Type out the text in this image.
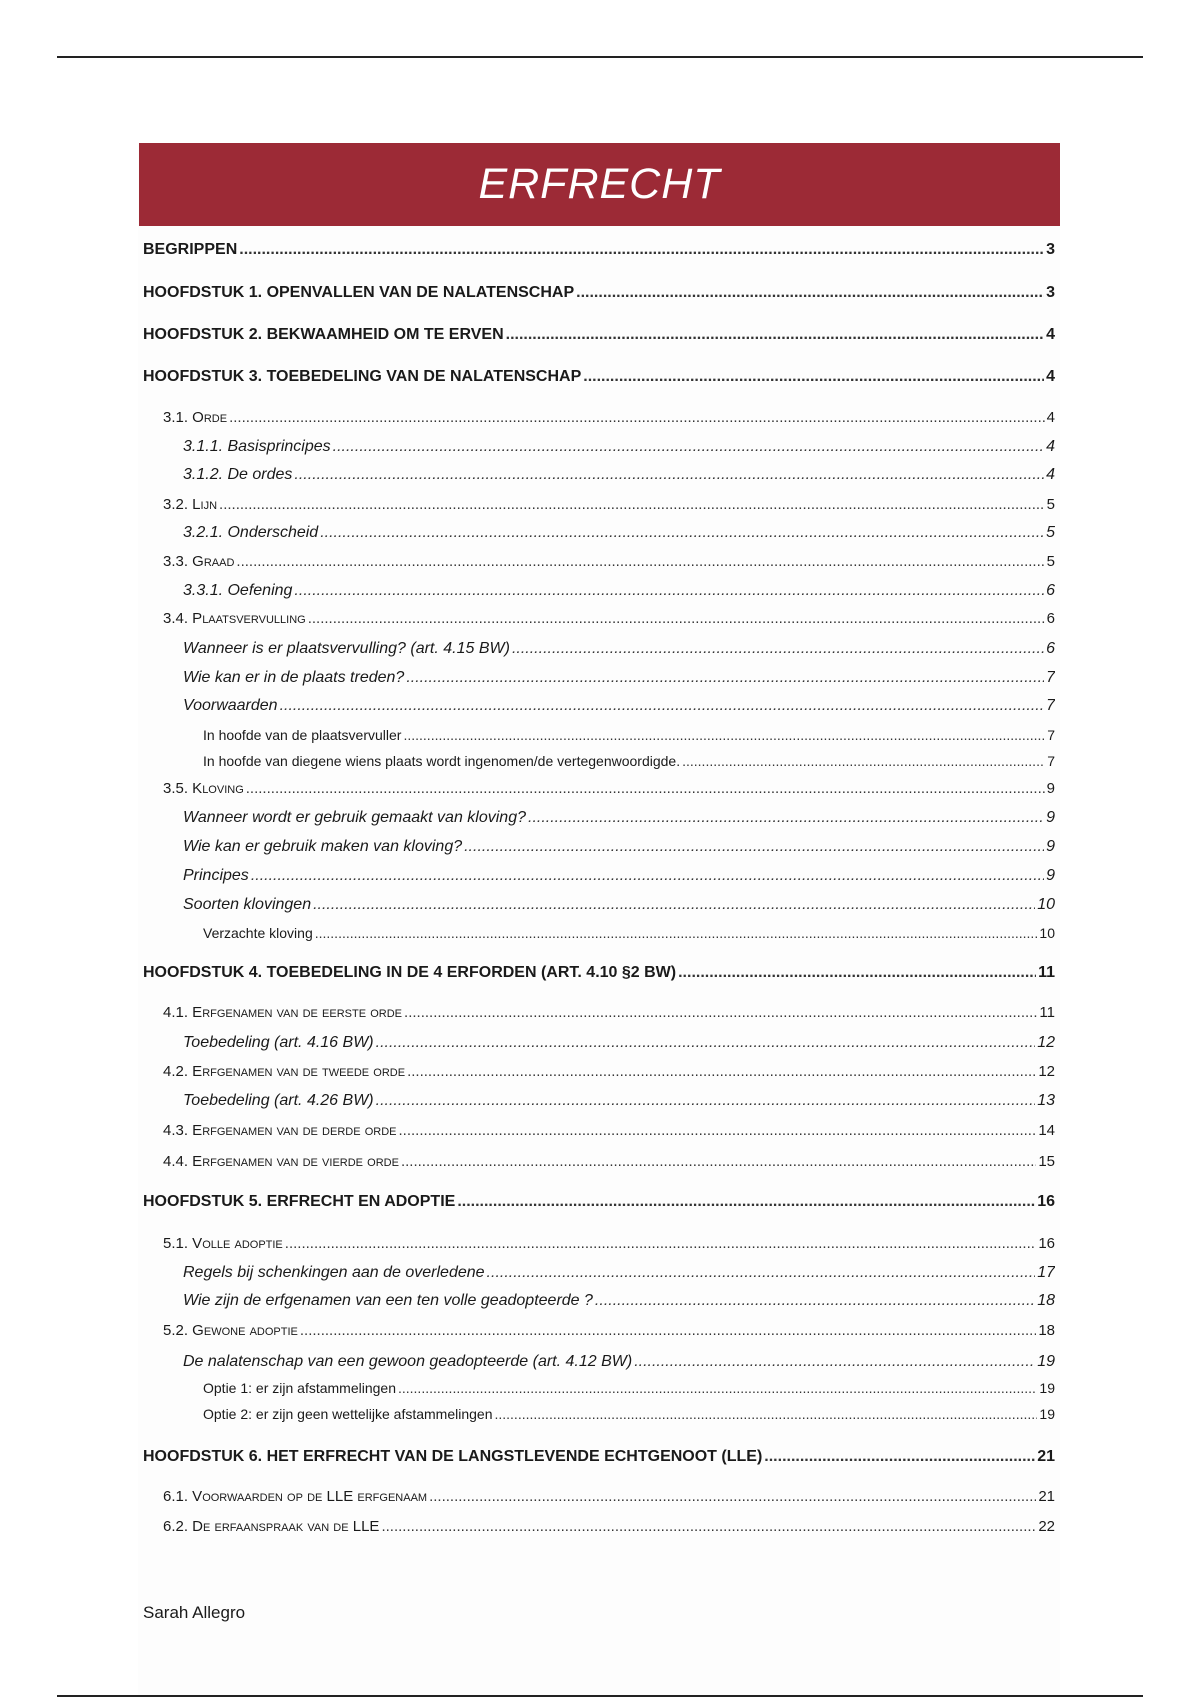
ERFRECHT
BEGRIPPEN .....	3
HOOFDSTUK 1. OPENVALLEN VAN DE NALATENSCHAP .....	3
HOOFDSTUK 2. BEKWAAMHEID OM TE ERVEN .....	4
HOOFDSTUK 3. TOEBEDELING VAN DE NALATENSCHAP .....	4
3.1. Orde .....	4
3.1.1. Basisprincipes .....	4
3.1.2. De ordes .....	4
3.2. Lijn .....	5
3.2.1. Onderscheid .....	5
3.3. Graad .....	5
3.3.1. Oefening .....	6
3.4. Plaatsvervulling .....	6
Wanneer is er plaatsvervulling? (art. 4.15 BW) .....	6
Wie kan er in de plaats treden? .....	7
Voorwaarden .....	7
In hoofde van de plaatsvervuller .....	7
In hoofde van diegene wiens plaats wordt ingenomen/de vertegenwoordigde. .....	7
3.5. Kloving .....	9
Wanneer wordt er gebruik gemaakt van kloving? .....	9
Wie kan er gebruik maken van kloving? .....	9
Principes .....	9
Soorten klovingen .....	10
Verzachte kloving .....	10
HOOFDSTUK 4. TOEBEDELING IN DE 4 ERFORDEN (ART. 4.10 §2 BW) .....	11
4.1. Erfgenamen van de eerste orde .....	11
Toebedeling (art. 4.16 BW) .....	12
4.2. Erfgenamen van de tweede orde .....	12
Toebedeling (art. 4.26 BW) .....	13
4.3. Erfgenamen van de derde orde .....	14
4.4. Erfgenamen van de vierde orde .....	15
HOOFDSTUK 5. ERFRECHT EN ADOPTIE .....	16
5.1. Volle adoptie .....	16
Regels bij schenkingen aan de overledene .....	17
Wie zijn de erfgenamen van een ten volle geadopteerde ? .....	18
5.2. Gewone adoptie .....	18
De nalatenschap van een gewoon geadopteerde (art. 4.12 BW) .....	19
Optie 1: er zijn afstammelingen .....	19
Optie 2: er zijn geen wettelijke afstammelingen .....	19
HOOFDSTUK 6. HET ERFRECHT VAN DE LANGSTLEVENDE ECHTGENOOT (LLE) .....	21
6.1. Voorwaarden op de LLE erfgenaam .....	21
6.2. De erfaanspraak van de LLE .....	22
Sarah Allegro
